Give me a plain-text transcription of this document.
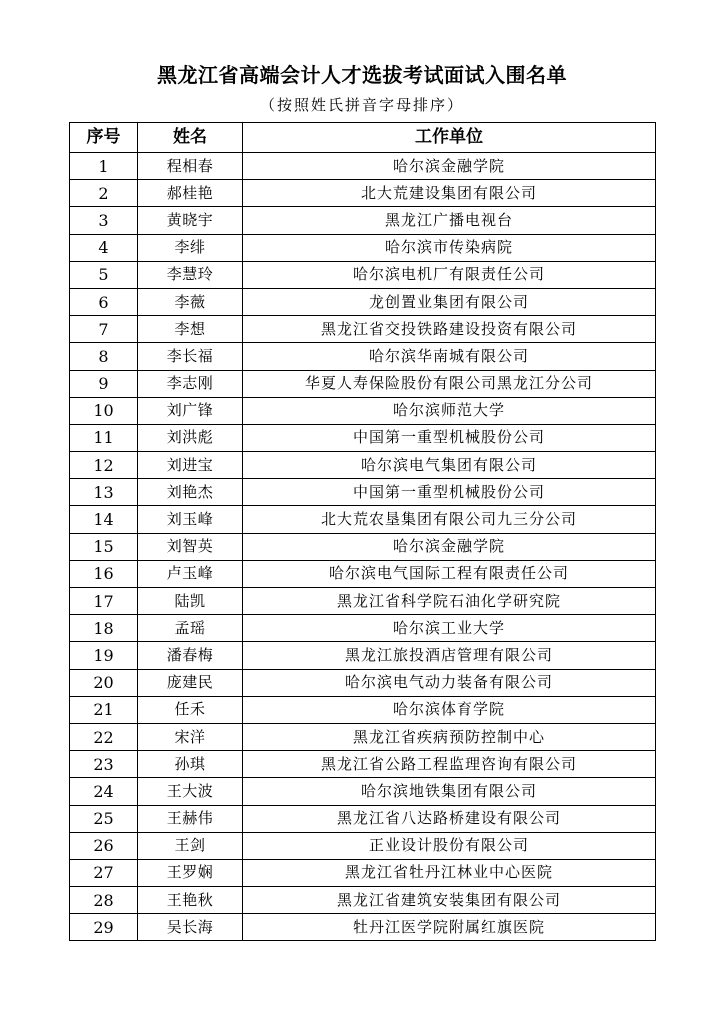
黑龙江省高端会计人才选拔考试面试入围名单
（按照姓氏拼音字母排序）
序号	姓名	工作单位
1	程相春	哈尔滨金融学院
2	郝桂艳	北大荒建设集团有限公司
3	黄晓宇	黑龙江广播电视台
4	李绯	哈尔滨市传染病院
5	李慧玲	哈尔滨电机厂有限责任公司
6	李薇	龙创置业集团有限公司
7	李想	黑龙江省交投铁路建设投资有限公司
8	李长福	哈尔滨华南城有限公司
9	李志刚	华夏人寿保险股份有限公司黑龙江分公司
10	刘广锋	哈尔滨师范大学
11	刘洪彪	中国第一重型机械股份公司
12	刘进宝	哈尔滨电气集团有限公司
13	刘艳杰	中国第一重型机械股份公司
14	刘玉峰	北大荒农垦集团有限公司九三分公司
15	刘智英	哈尔滨金融学院
16	卢玉峰	哈尔滨电气国际工程有限责任公司
17	陆凯	黑龙江省科学院石油化学研究院
18	孟瑶	哈尔滨工业大学
19	潘春梅	黑龙江旅投酒店管理有限公司
20	庞建民	哈尔滨电气动力装备有限公司
21	任禾	哈尔滨体育学院
22	宋洋	黑龙江省疾病预防控制中心
23	孙琪	黑龙江省公路工程监理咨询有限公司
24	王大波	哈尔滨地铁集团有限公司
25	王赫伟	黑龙江省八达路桥建设有限公司
26	王剑	正业设计股份有限公司
27	王罗娴	黑龙江省牡丹江林业中心医院
28	王艳秋	黑龙江省建筑安装集团有限公司
29	吴长海	牡丹江医学院附属红旗医院
